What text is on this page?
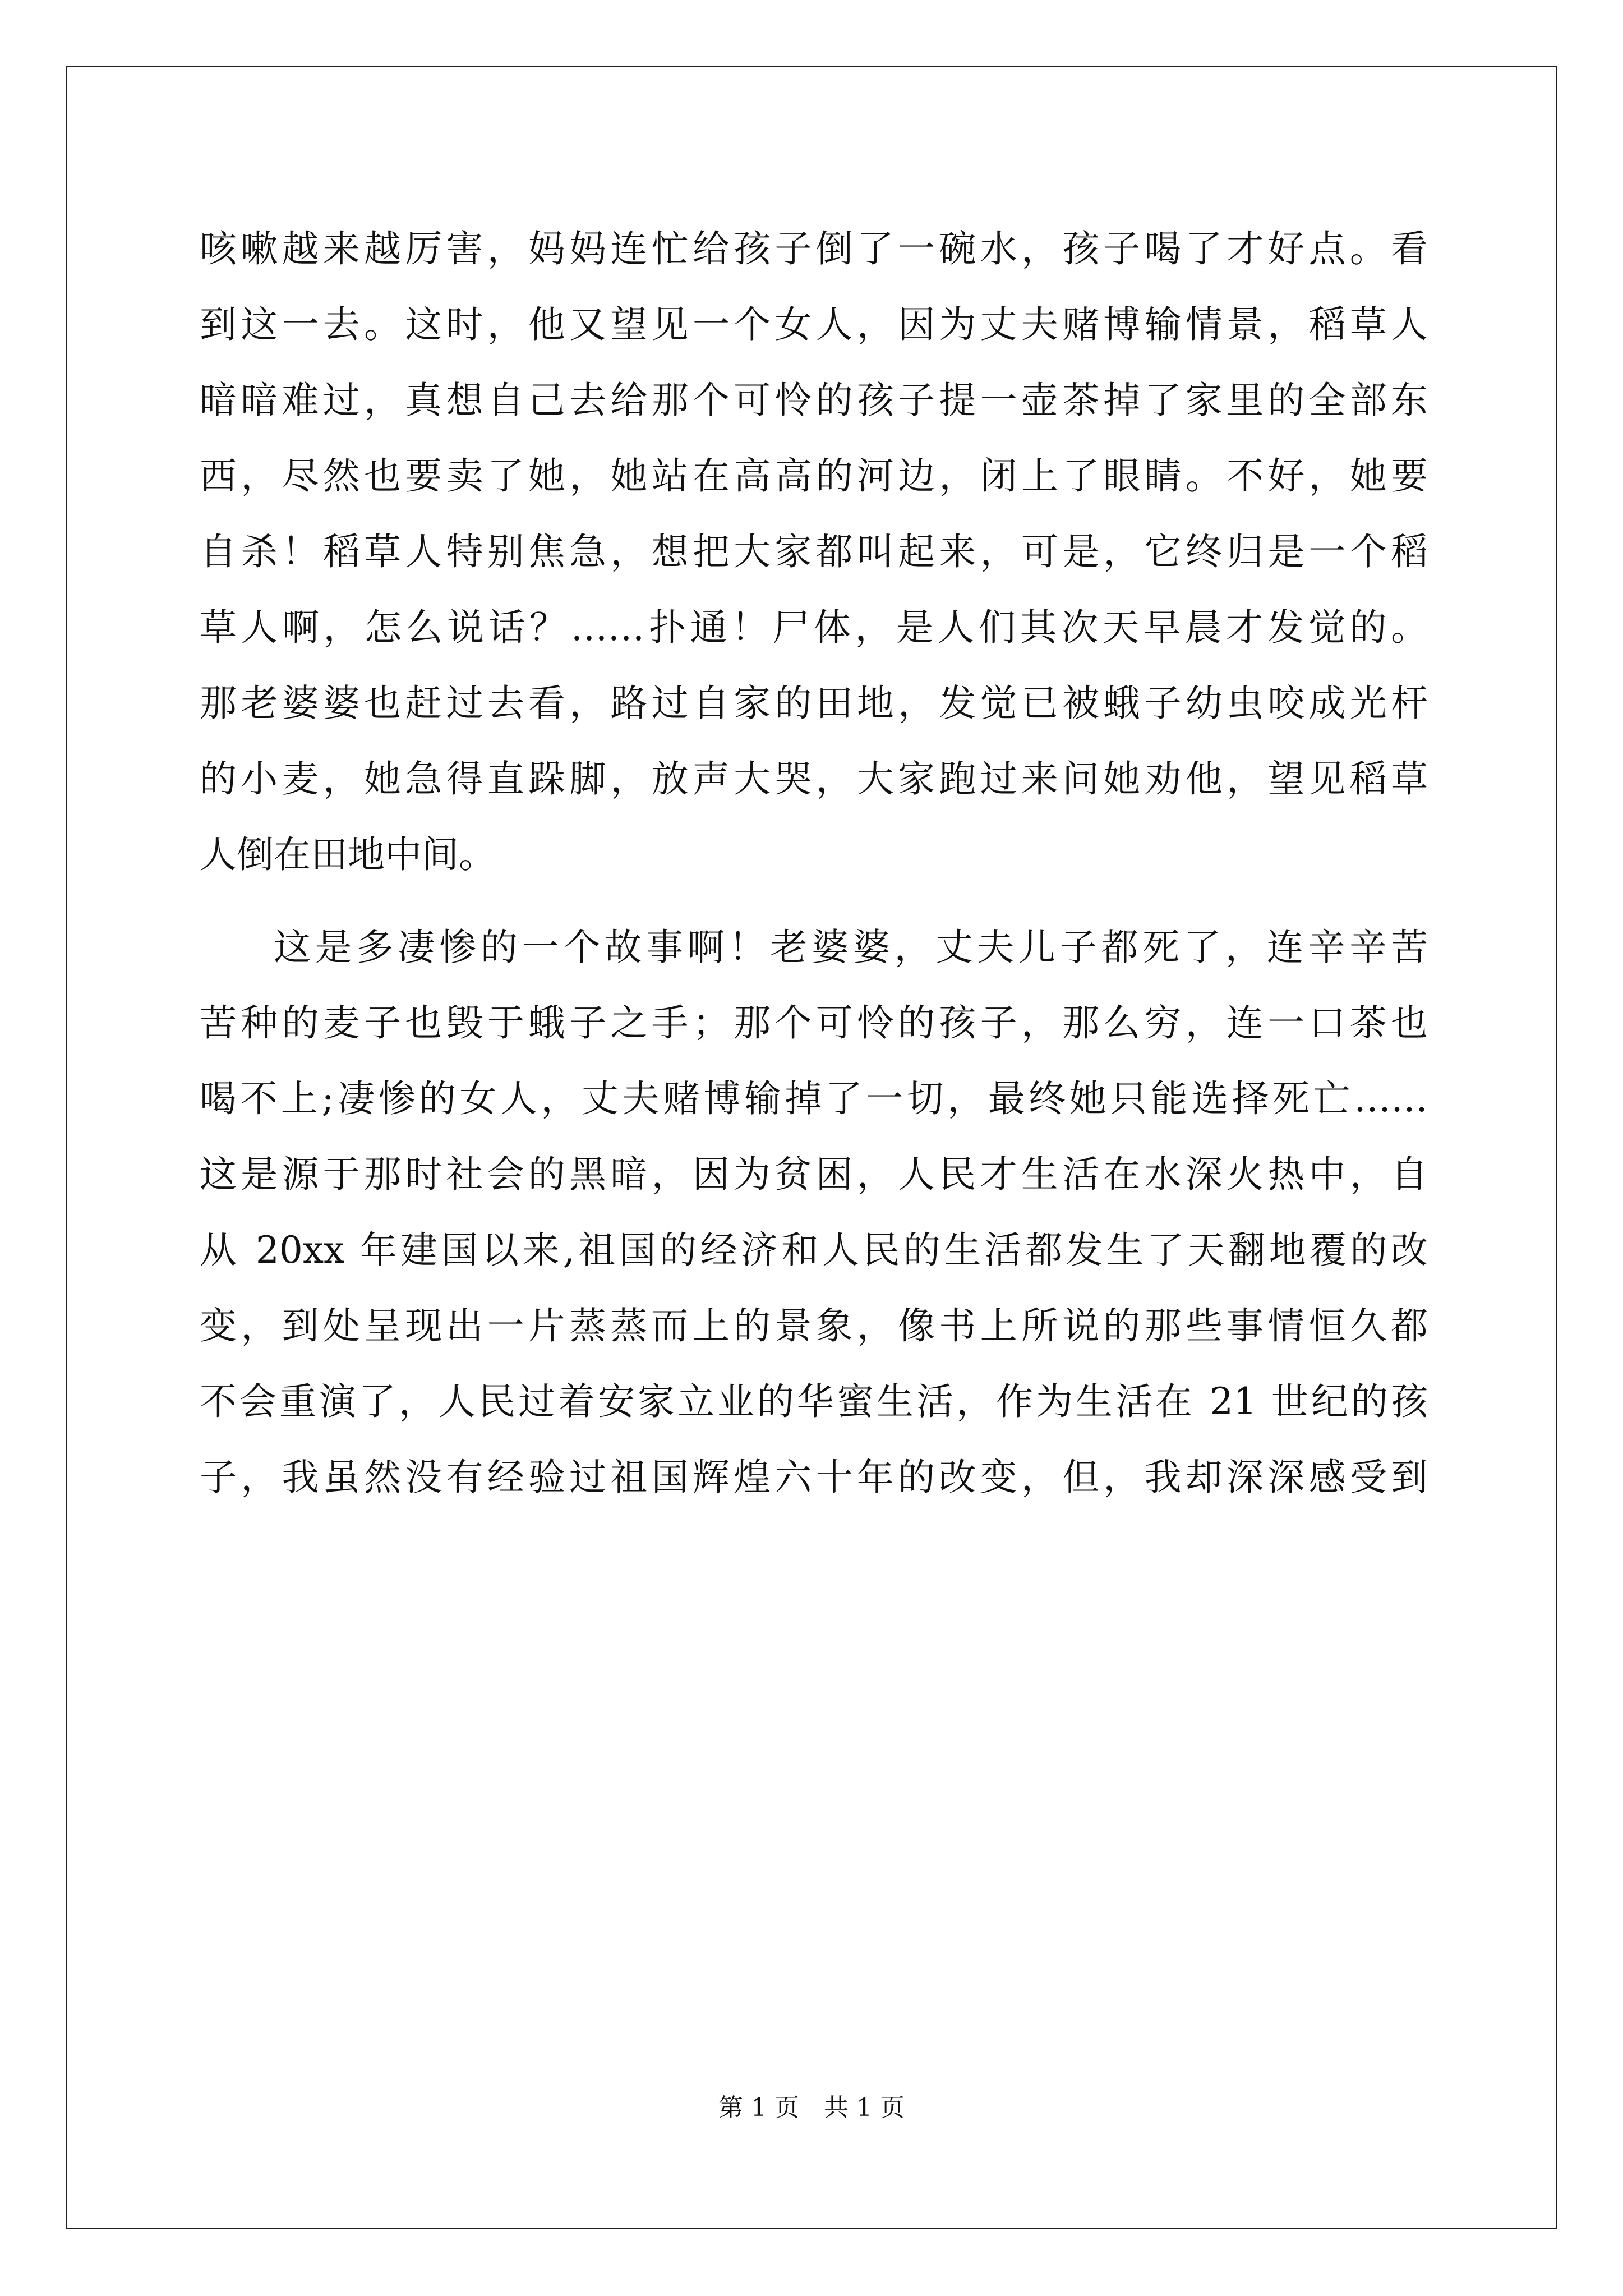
咳嗽越来越厉害，妈妈连忙给孩子倒了一碗水，孩子喝了才好点。看
到这一去。这时，他又望见一个女人，因为丈夫赌博输情景，稻草人
暗暗难过，真想自己去给那个可怜的孩子提一壶茶掉了家里的全部东
西，尽然也要卖了她，她站在高高的河边，闭上了眼睛。不好，她要
自杀！稻草人特别焦急，想把大家都叫起来，可是，它终归是一个稻
草人啊，怎么说话？……扑通！尸体，是人们其次天早晨才发觉的。
那老婆婆也赶过去看，路过自家的田地，发觉已被蛾子幼虫咬成光杆
的小麦，她急得直跺脚，放声大哭，大家跑过来问她劝他，望见稻草
人倒在田地中间。
这是多凄惨的一个故事啊！老婆婆，丈夫儿子都死了，连辛辛苦
苦种的麦子也毁于蛾子之手；那个可怜的孩子，那么穷，连一口茶也
喝不上;凄惨的女人，丈夫赌博输掉了一切，最终她只能选择死亡……
这是源于那时社会的黑暗，因为贫困，人民才生活在水深火热中，自
从 20xx 年建国以来,祖国的经济和人民的生活都发生了天翻地覆的改
变，到处呈现出一片蒸蒸而上的景象，像书上所说的那些事情恒久都
不会重演了，人民过着安家立业的华蜜生活，作为生活在 21 世纪的孩
子，我虽然没有经验过祖国辉煌六十年的改变，但，我却深深感受到
第 1 页　共 1 页
